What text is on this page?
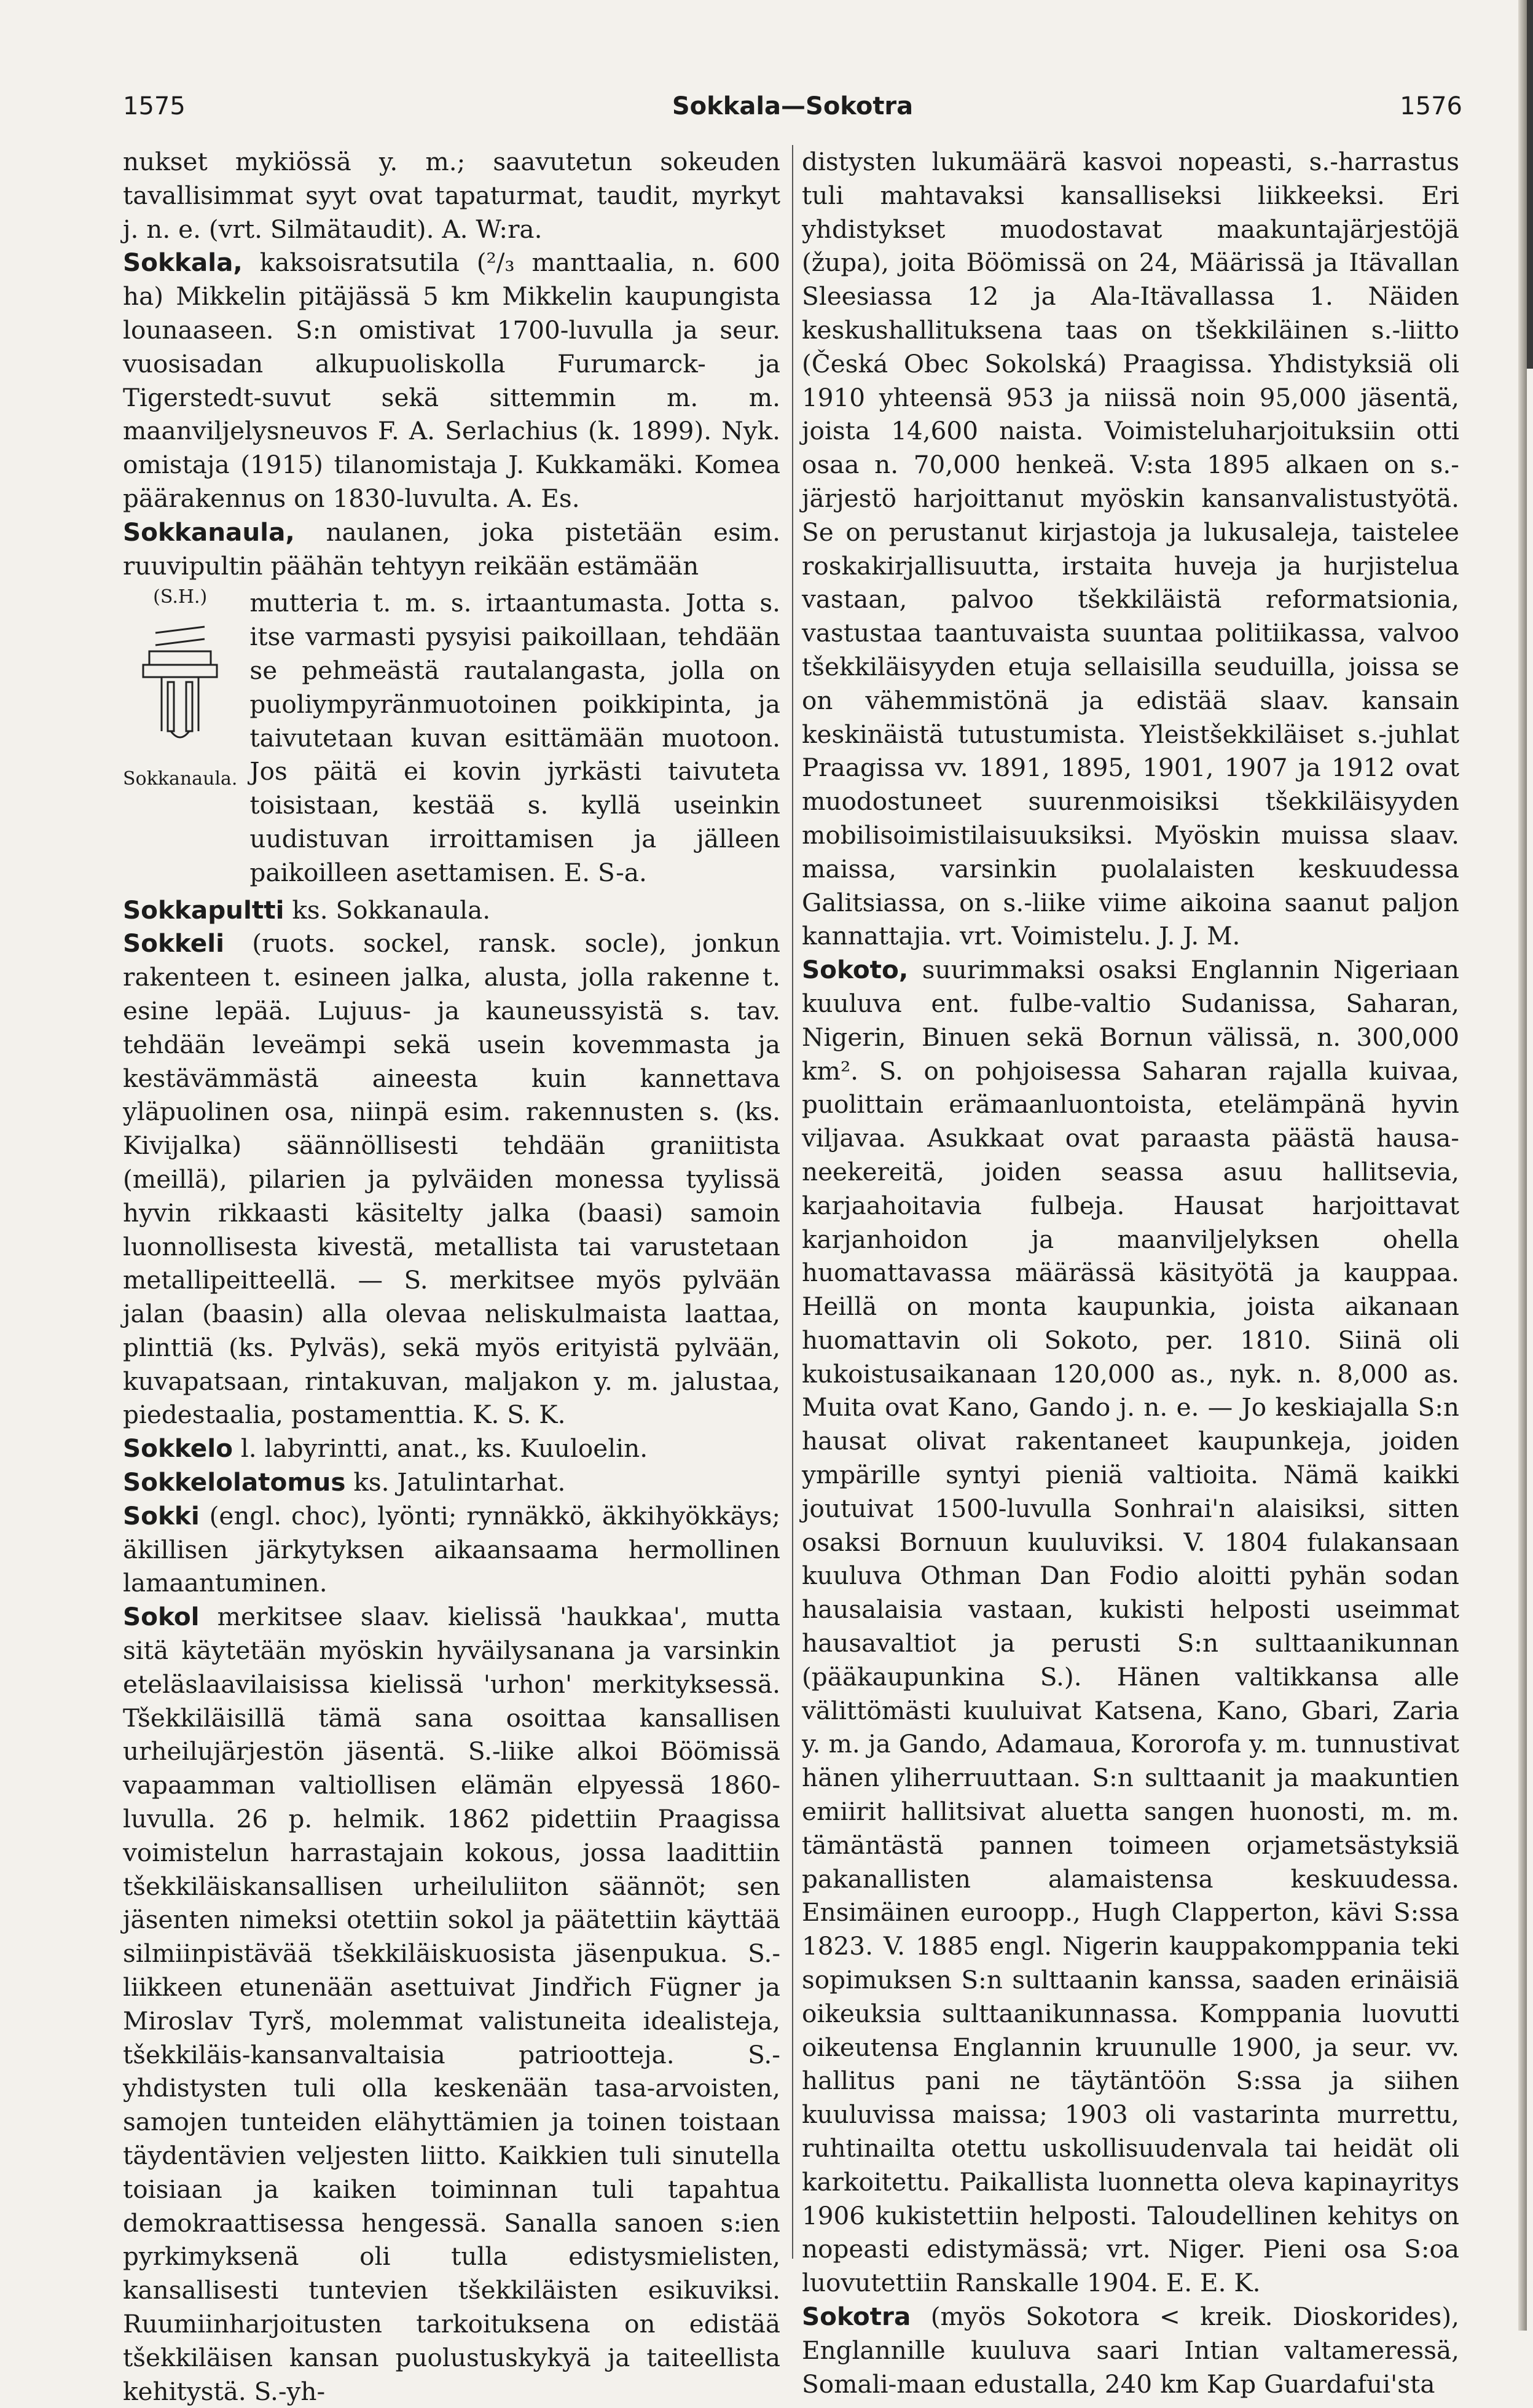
1575	Sokkala—Sokotra	1576

nukset mykiössä y. m.; saavutetun sokeuden tavallisimmat syyt ovat tapaturmat, taudit, myrkyt j. n. e. (vrt. Silmätaudit). A. W:ra.

Sokkala, kaksoisratsutila (²/₃ manttaalia, n. 600 ha) Mikkelin pitäjässä 5 km Mikkelin kaupungista lounaaseen. S:n omistivat 1700-luvulla ja seur. vuosisadan alkupuoliskolla Furumarck- ja Tigerstedt-suvut sekä sittemmin m. m. maanviljelysneuvos F. A. Serlachius (k. 1899). Nyk. omistaja (1915) tilanomistaja J. Kukkamäki. Komea päärakennus on 1830-luvulta. A. Es.

Sokkanaula, naulanen, joka pistetään esim. ruuvipultin päähän tehtyyn reikään estämään

(S.H.)
Sokkanaula.
mutteria t. m. s. irtaantumasta. Jotta s. itse varmasti pysyisi paikoillaan, tehdään se pehmeästä rautalangasta, jolla on puoliympyränmuotoinen poikkipinta, ja taivutetaan kuvan esittämään muotoon. Jos päitä ei kovin jyrkästi taivuteta toisistaan, kestää s. kyllä useinkin uudistuvan irroittamisen ja jälleen paikoilleen asettamisen. E. S-a.

Sokkapultti ks. Sokkanaula.

Sokkeli (ruots. sockel, ransk. socle), jonkun rakenteen t. esineen jalka, alusta, jolla rakenne t. esine lepää. Lujuus- ja kauneussyistä s. tav. tehdään leveämpi sekä usein kovemmasta ja kestävämmästä aineesta kuin kannettava yläpuolinen osa, niinpä esim. rakennusten s. (ks. Kivijalka) säännöllisesti tehdään graniitista (meillä), pilarien ja pylväiden monessa tyylissä hyvin rikkaasti käsitelty jalka (baasi) samoin luonnollisesta kivestä, metallista tai varustetaan metallipeitteellä. — S. merkitsee myös pylvään jalan (baasin) alla olevaa neliskulmaista laattaa, plinttiä (ks. Pylväs), sekä myös erityistä pylvään, kuvapatsaan, rintakuvan, maljakon y. m. jalustaa, piedestaalia, postamenttia. K. S. K.

Sokkelo l. labyrintti, anat., ks. Kuuloelin.

Sokkelolatomus ks. Jatulintarhat.

Sokki (engl. choc), lyönti; rynnäkkö, äkkihyökkäys; äkillisen järkytyksen aikaansaama hermollinen lamaantuminen.

Sokol merkitsee slaav. kielissä 'haukkaa', mutta sitä käytetään myöskin hyväilysanana ja varsinkin eteläslaavilaisissa kielissä 'urhon' merkityksessä. Tšekkiläisillä tämä sana osoittaa kansallisen urheilujärjestön jäsentä. S.-liike alkoi Böömissä vapaamman valtiollisen elämän elpyessä 1860-luvulla. 26 p. helmik. 1862 pidettiin Praagissa voimistelun harrastajain kokous, jossa laadittiin tšekkiläiskansallisen urheiluliiton säännöt; sen jäsenten nimeksi otettiin sokol ja päätettiin käyttää silmiinpistävää tšekkiläiskuosista jäsenpukua. S.-liikkeen etunenään asettuivat Jindřich Fügner ja Miroslav Tyrš, molemmat valistuneita idealisteja, tšekkiläis-kansanvaltaisia patriootteja. S.-yhdistysten tuli olla keskenään tasa-arvoisten, samojen tunteiden elähyttämien ja toinen toistaan täydentävien veljesten liitto. Kaikkien tuli sinutella toisiaan ja kaiken toiminnan tuli tapahtua demokraattisessa hengessä. Sanalla sanoen s:ien pyrkimyksenä oli tulla edistysmielisten, kansallisesti tuntevien tšekkiläisten esikuviksi. Ruumiinharjoitusten tarkoituksena on edistää tšekkiläisen kansan puolustuskykyä ja taiteellista kehitystä. S.-yh-

distysten lukumäärä kasvoi nopeasti, s.-harrastus tuli mahtavaksi kansalliseksi liikkeeksi. Eri yhdistykset muodostavat maakuntajärjestöjä (župa), joita Böömissä on 24, Määrissä ja Itävallan Sleesiassa 12 ja Ala-Itävallassa 1. Näiden keskushallituksena taas on tšekkiläinen s.-liitto (Česká Obec Sokolská) Praagissa. Yhdistyksiä oli 1910 yhteensä 953 ja niissä noin 95,000 jäsentä, joista 14,600 naista. Voimisteluharjoituksiin otti osaa n. 70,000 henkeä. V:sta 1895 alkaen on s.-järjestö harjoittanut myöskin kansanvalistustyötä. Se on perustanut kirjastoja ja lukusaleja, taistelee roskakirjallisuutta, irstaita huveja ja hurjistelua vastaan, palvoo tšekkiläistä reformatsionia, vastustaa taantuvaista suuntaa politiikassa, valvoo tšekkiläisyyden etuja sellaisilla seuduilla, joissa se on vähemmistönä ja edistää slaav. kansain keskinäistä tutustumista. Yleistšekkiläiset s.-juhlat Praagissa vv. 1891, 1895, 1901, 1907 ja 1912 ovat muodostuneet suurenmoisiksi tšekkiläisyyden mobilisoimistilaisuuksiksi. Myöskin muissa slaav. maissa, varsinkin puolalaisten keskuudessa Galitsiassa, on s.-liike viime aikoina saanut paljon kannattajia. vrt. Voimistelu. J. J. M.

Sokoto, suurimmaksi osaksi Englannin Nigeriaan kuuluva ent. fulbe-valtio Sudanissa, Saharan, Nigerin, Binuen sekä Bornun välissä, n. 300,000 km². S. on pohjoisessa Saharan rajalla kuivaa, puolittain erämaanluontoista, etelämpänä hyvin viljavaa. Asukkaat ovat paraasta päästä hausa-neekereitä, joiden seassa asuu hallitsevia, karjaahoitavia fulbeja. Hausat harjoittavat karjanhoidon ja maanviljelyksen ohella huomattavassa määrässä käsityötä ja kauppaa. Heillä on monta kaupunkia, joista aikanaan huomattavin oli Sokoto, per. 1810. Siinä oli kukoistusaikanaan 120,000 as., nyk. n. 8,000 as. Muita ovat Kano, Gando j. n. e. — Jo keskiajalla S:n hausat olivat rakentaneet kaupunkeja, joiden ympärille syntyi pieniä valtioita. Nämä kaikki joutuivat 1500-luvulla Sonhrai'n alaisiksi, sitten osaksi Bornuun kuuluviksi. V. 1804 fulakansaan kuuluva Othman Dan Fodio aloitti pyhän sodan hausalaisia vastaan, kukisti helposti useimmat hausavaltiot ja perusti S:n sulttaanikunnan (pääkaupunkina S.). Hänen valtikkansa alle välittömästi kuuluivat Katsena, Kano, Gbari, Zaria y. m. ja Gando, Adamaua, Kororofa y. m. tunnustivat hänen yliherruuttaan. S:n sulttaanit ja maakuntien emiirit hallitsivat aluetta sangen huonosti, m. m. tämäntästä pannen toimeen orjametsästyksiä pakanallisten alamaistensa keskuudessa. Ensimäinen euroopp., Hugh Clapperton, kävi S:ssa 1823. V. 1885 engl. Nigerin kauppakomppania teki sopimuksen S:n sulttaanin kanssa, saaden erinäisiä oikeuksia sulttaanikunnassa. Komppania luovutti oikeutensa Englannin kruunulle 1900, ja seur. vv. hallitus pani ne täytäntöön S:ssa ja siihen kuuluvissa maissa; 1903 oli vastarinta murrettu, ruhtinailta otettu uskollisuudenvala tai heidät oli karkoitettu. Paikallista luonnetta oleva kapinayritys 1906 kukistettiin helposti. Taloudellinen kehitys on nopeasti edistymässä; vrt. Niger. Pieni osa S:oa luovutettiin Ranskalle 1904. E. E. K.

Sokotra (myös Sokotora < kreik. Dioskorides), Englannille kuuluva saari Intian valtameressä, Somali-maan edustalla, 240 km Kap Guardafui'sta
